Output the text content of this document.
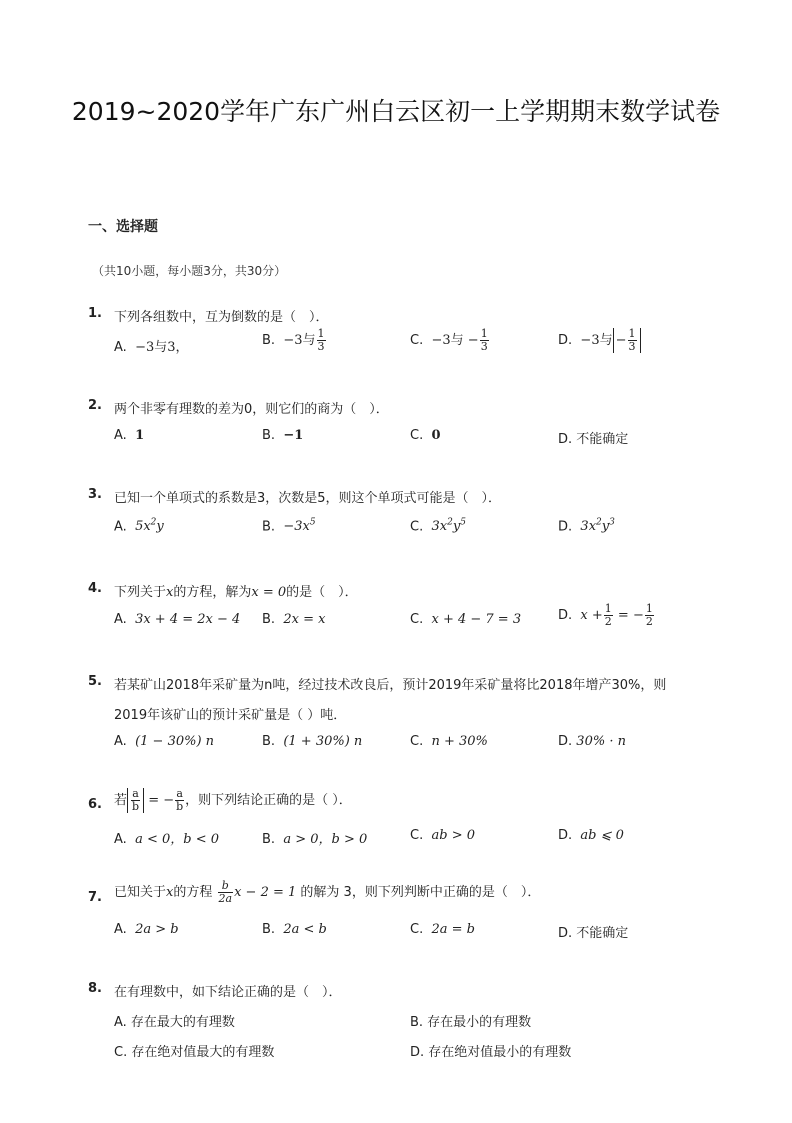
2019~2020学年广东广州白云区初一上学期期末数学试卷
一、选择题
（共10小题，每小题3分，共30分）
1. 下列各组数中，互为倒数的是（　）．
A. −3与3，	B. −3与 $\frac{1}{3}$	C. −3与 − $\frac{1}{3}$	D. −3与 − $\frac{1}{3}$
2. 两个非零有理数的差为0，则它们的商为（　）．
A. 1	B. −1	C. 0	D. 不能确定
3. 已知一个单项式的系数是3，次数是5，则这个单项式可能是（　）．
A. $5x^2y$	B. $-3x^5$	C. $3x^2y^5$	D. $3x^2y^3$
4. 下列关于x的方程，解为x = 0的是（　）．
A. 3x + 4 = 2x − 4 B. 2x = x	C. x + 4 − 7 = 3	D. $x + \frac{1}{2}$ = − $\frac{1}{2}$
5. 若某矿山2018年采矿量为n吨，经过技术改良后，预计2019年采矿量将比2018年增产30%，则
2019年该矿山的预计采矿量是（ ）吨．
A. (1 − 30%) n	B. (1 + 30%) n	C. n + 30%	D. 30% · n
6. 若 $\frac{a}{b}$ = − $\frac{a}{b}$ ，则下列结论正确的是（ ）．
A. a < 0，b < 0	B. a > 0，b > 0	C. ab > 0	D. ab ⩽ 0
7. 已知关于x的方程 $\frac{b}{2a}$ x − 2 = 1 的解为 3，则下列判断中正确的是（　）．
A. 2a > b	B. 2a < b	C. 2a = b	D. 不能确定
8. 在有理数中，如下结论正确的是（　）．
A. 存在最大的有理数	B. 存在最小的有理数
C. 存在绝对值最大的有理数	D. 存在绝对值最小的有理数
